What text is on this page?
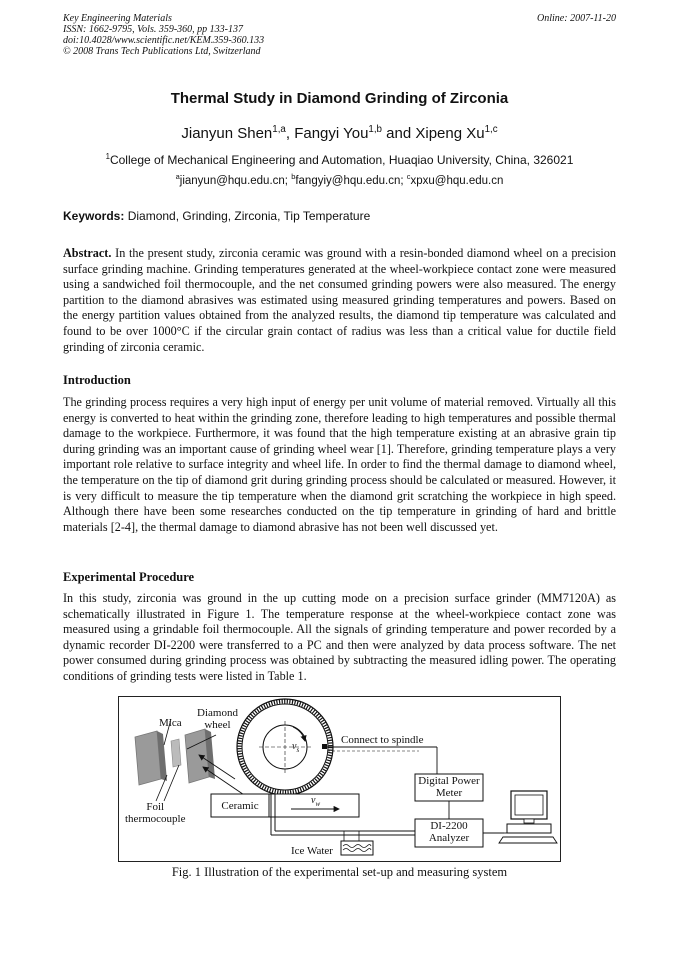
Key Engineering Materials
ISSN: 1662-9795, Vols. 359-360, pp 133-137
doi:10.4028/www.scientific.net/KEM.359-360.133
© 2008 Trans Tech Publications Ltd, Switzerland
Online: 2007-11-20
Thermal Study in Diamond Grinding of Zirconia
Jianyun Shen$^{1,a}$, Fangyi You$^{1,b}$ and Xipeng Xu$^{1,c}$
$^1$College of Mechanical Engineering and Automation, Huaqiao University, China, 326021
$^a$jianyun@hqu.edu.cn; $^b$fangyiy@hqu.edu.cn; $^c$xpxu@hqu.edu.cn
Keywords: Diamond, Grinding, Zirconia, Tip Temperature
Abstract. In the present study, zirconia ceramic was ground with a resin-bonded diamond wheel on a precision surface grinding machine. Grinding temperatures generated at the wheel-workpiece contact zone were measured using a sandwiched foil thermocouple, and the net consumed grinding powers were also measured. The energy partition to the diamond abrasives was estimated using measured grinding temperatures and powers. Based on the energy partition values obtained from the analyzed results, the diamond tip temperature was calculated and found to be over 1000°C if the circular grain contact of radius was less than a critical value for ductile field grinding of zirconia ceramic.
Introduction
The grinding process requires a very high input of energy per unit volume of material removed. Virtually all this energy is converted to heat within the grinding zone, therefore leading to high temperatures and possible thermal damage to the workpiece. Furthermore, it was found that the high temperature existing at an abrasive grain tip during grinding was an important cause of grinding wheel wear [1]. Therefore, grinding temperature plays a very important role relative to surface integrity and wheel life. In order to find the thermal damage to diamond wheel, the temperature on the tip of diamond grit during grinding process should be calculated or measured. However, it is very difficult to measure the tip temperature when the diamond grit scratching the workpiece in high speed. Although there have been some researches conducted on the tip temperature in grinding of hard and brittle materials [2-4], the thermal damage to diamond abrasive has not been well discussed yet.
Experimental Procedure
In this study, zirconia was ground in the up cutting mode on a precision surface grinder (MM7120A) as schematically illustrated in Figure 1. The temperature response at the wheel-workpiece contact zone was measured using a grindable foil thermocouple. All the signals of grinding temperature and power recorded by a dynamic recorder DI-2200 were transferred to a PC and then were analyzed by data process software. The net power consumed during grinding process was obtained by subtracting the measured idling power. The operating conditions of grinding tests were listed in Table 1.
Mica
Diamond
wheel
$v_s$
Connect to spindle
Digital Power
Meter
Foil
thermocouple
Ceramic	$v_w$
DI-2200
Analyzer
Ice Water
Fig. 1 Illustration of the experimental set-up and measuring system
